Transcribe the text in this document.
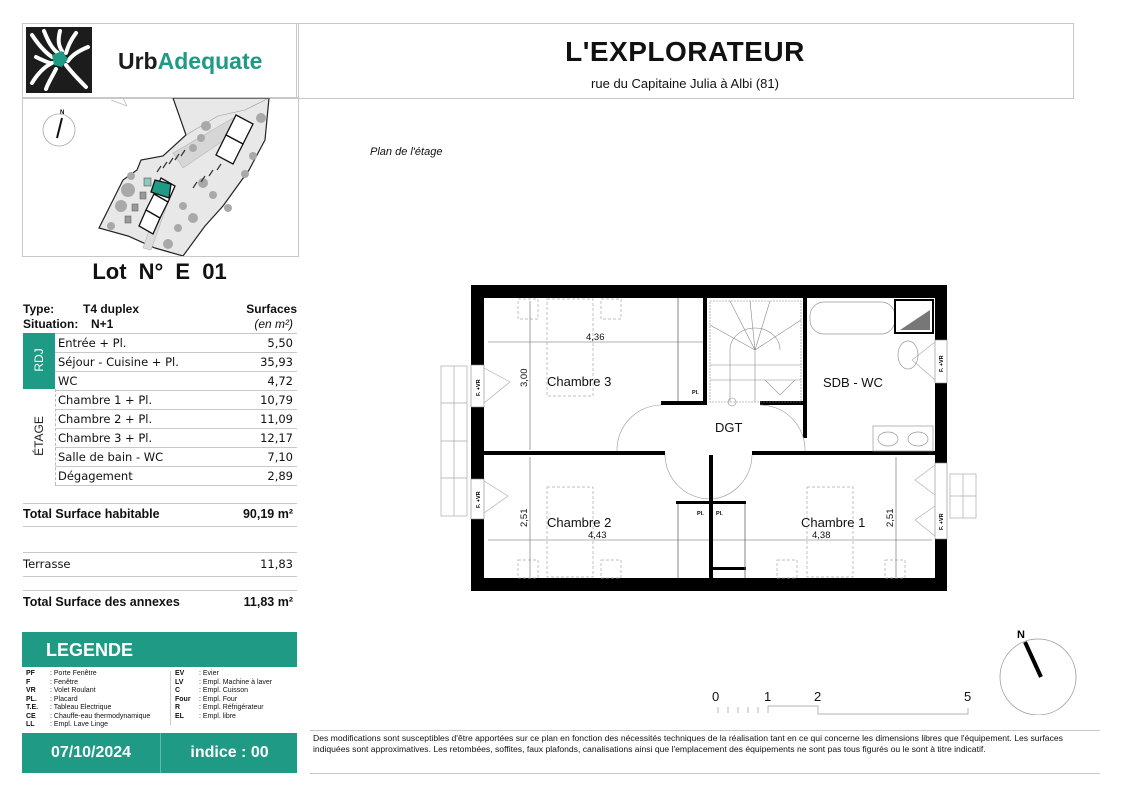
UrbAdequate	L'EXPLORATEUR
rue du Capitaine Julia à Albi (81)
N
Lot N° E 01
Type: T4 duplex
Situation: N+1
Surfaces
(en m²)
RDJ
ÉTAGE
Entrée + Pl.	5,50
Séjour - Cuisine + Pl.	35,93
WC	4,72
Chambre 1 + Pl.	10,79
Chambre 2 + Pl.	11,09
Chambre 3 + Pl.	12,17
Salle de bain - WC	7,10
Dégagement	2,89
Total Surface habitable	90,19 m²
Terrasse	11,83
Total Surface des annexes	11,83 m²
LEGENDE
PF : Porte Fenêtre
F	: Fenêtre
VR : Volet Roulant
PL. : Placard
T.E. : Tableau Electrique
CE : Chauffe-eau thermodynamique
LL : Empl. Lave Linge
EV : Evier
LV : Empl. Machine à laver
C	: Empl. Cuisson
Four : Empl. Four
R	: Empl. Réfrigérateur
EL : Empl. libre
07/10/2024	indice : 00
Plan de l'étage
F. +VR
F. +VR
F. +VR
F. +VR
Chambre 3	SDB - WC
DGT
Chambre 2	Chambre 1
4,36
3,00
4,43
2,51
4,38
2,51
Pl.
Pl. Pl.
0	1	2	5
N
Des modifications sont susceptibles d'être apportées sur ce plan en fonction des nécessités techniques de la réalisation tant en ce qui concerne les dimensions libres que l'équipement. Les surfaces indiquées sont approximatives. Les retombées, soffites, faux plafonds, canalisations ainsi que l'emplacement des équipements ne sont pas tous figurés ou le sont à titre indicatif.
